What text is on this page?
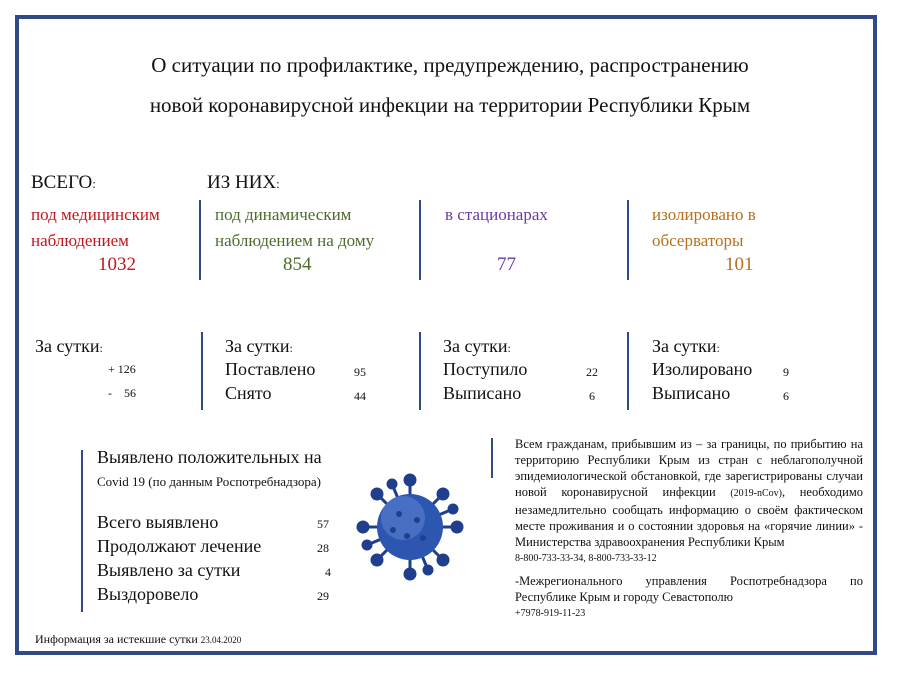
О ситуации по профилактике, предупреждению, распространению
новой коронавирусной инфекции на территории Республики Крым
ВСЕГО:	ИЗ НИХ:
под медицинским
наблюдением
1032
под динамическим
наблюдением на дому
854
в стационарах
77
изолировано в
обсерваторы
101
За сутки:
+ 126
-    56
За сутки:
Поставлено	95
Снято	44
За сутки:
Поступило	22
Выписано	6
За сутки:
Изолировано	9
Выписано	6
Выявлено положительных на
Covid 19 (по данным Роспотребнадзора)
Всего выявлено	57
Продолжают лечение	28
Выявлено за сутки	4
Выздоровело	29
Всем гражданам, прибывшим из – за границы, по прибытию на территорию Республики Крым из стран с неблагополучной эпидемиологической обстановкой, где зарегистрированы случаи новой коронавирусной инфекции (2019-nCov), необходимо незамедлительно сообщать информацию о своём фактическом месте проживания и о состоянии здоровья на «горячие линии» - Министерства здравоохранения Республики Крым
8-800-733-33-34, 8-800-733-33-12
-Межрегионального управления Роспотребнадзора по Республике Крым и городу Севастополю
+7978-919-11-23
Информация за истекшие сутки 23.04.2020
